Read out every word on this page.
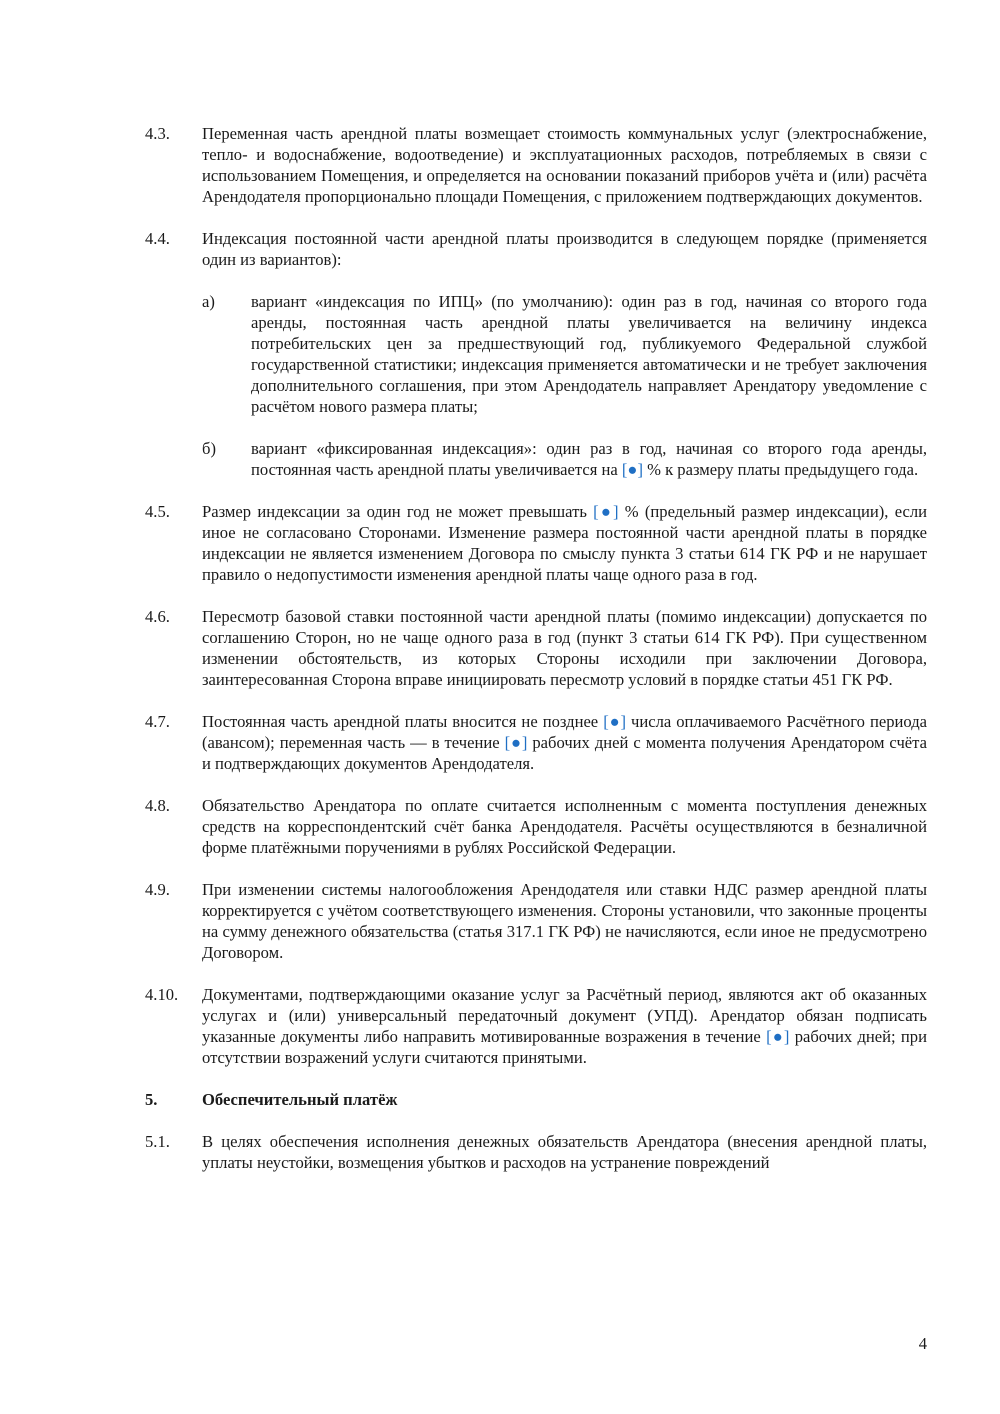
4.3.	Переменная часть арендной платы возмещает стоимость коммунальных услуг (электроснабжение, тепло- и водоснабжение, водоотведение) и эксплуатационных расходов, потребляемых в связи с использованием Помещения, и определяется на основании показаний приборов учёта и (или) расчёта Арендодателя пропорционально площади Помещения, с приложением подтверждающих документов.
4.4.	Индексация постоянной части арендной платы производится в следующем порядке (применяется один из вариантов):
а)	вариант «индексация по ИПЦ» (по умолчанию): один раз в год, начиная со второго года аренды, постоянная часть арендной платы увеличивается на величину индекса потребительских цен за предшествующий год, публикуемого Федеральной службой государственной статистики; индексация применяется автоматически и не требует заключения дополнительного соглашения, при этом Арендодатель направляет Арендатору уведомление с расчётом нового размера платы;
б)	вариант «фиксированная индексация»: один раз в год, начиная со второго года аренды, постоянная часть арендной платы увеличивается на [●] % к размеру платы предыдущего года.
4.5.	Размер индексации за один год не может превышать [●] % (предельный размер индексации), если иное не согласовано Сторонами. Изменение размера постоянной части арендной платы в порядке индексации не является изменением Договора по смыслу пункта 3 статьи 614 ГК РФ и не нарушает правило о недопустимости изменения арендной платы чаще одного раза в год.
4.6.	Пересмотр базовой ставки постоянной части арендной платы (помимо индексации) допускается по соглашению Сторон, но не чаще одного раза в год (пункт 3 статьи 614 ГК РФ). При существенном изменении обстоятельств, из которых Стороны исходили при заключении Договора, заинтересованная Сторона вправе инициировать пересмотр условий в порядке статьи 451 ГК РФ.
4.7.	Постоянная часть арендной платы вносится не позднее [●] числа оплачиваемого Расчётного периода (авансом); переменная часть — в течение [●] рабочих дней с момента получения Арендатором счёта и подтверждающих документов Арендодателя.
4.8.	Обязательство Арендатора по оплате считается исполненным с момента поступления денежных средств на корреспондентский счёт банка Арендодателя. Расчёты осуществляются в безналичной форме платёжными поручениями в рублях Российской Федерации.
4.9.	При изменении системы налогообложения Арендодателя или ставки НДС размер арендной платы корректируется с учётом соответствующего изменения. Стороны установили, что законные проценты на сумму денежного обязательства (статья 317.1 ГК РФ) не начисляются, если иное не предусмотрено Договором.
4.10.	Документами, подтверждающими оказание услуг за Расчётный период, являются акт об оказанных услугах и (или) универсальный передаточный документ (УПД). Арендатор обязан подписать указанные документы либо направить мотивированные возражения в течение [●] рабочих дней; при отсутствии возражений услуги считаются принятыми.
5.	Обеспечительный платёж
5.1.	В целях обеспечения исполнения денежных обязательств Арендатора (внесения арендной платы, уплаты неустойки, возмещения убытков и расходов на устранение повреждений
4
